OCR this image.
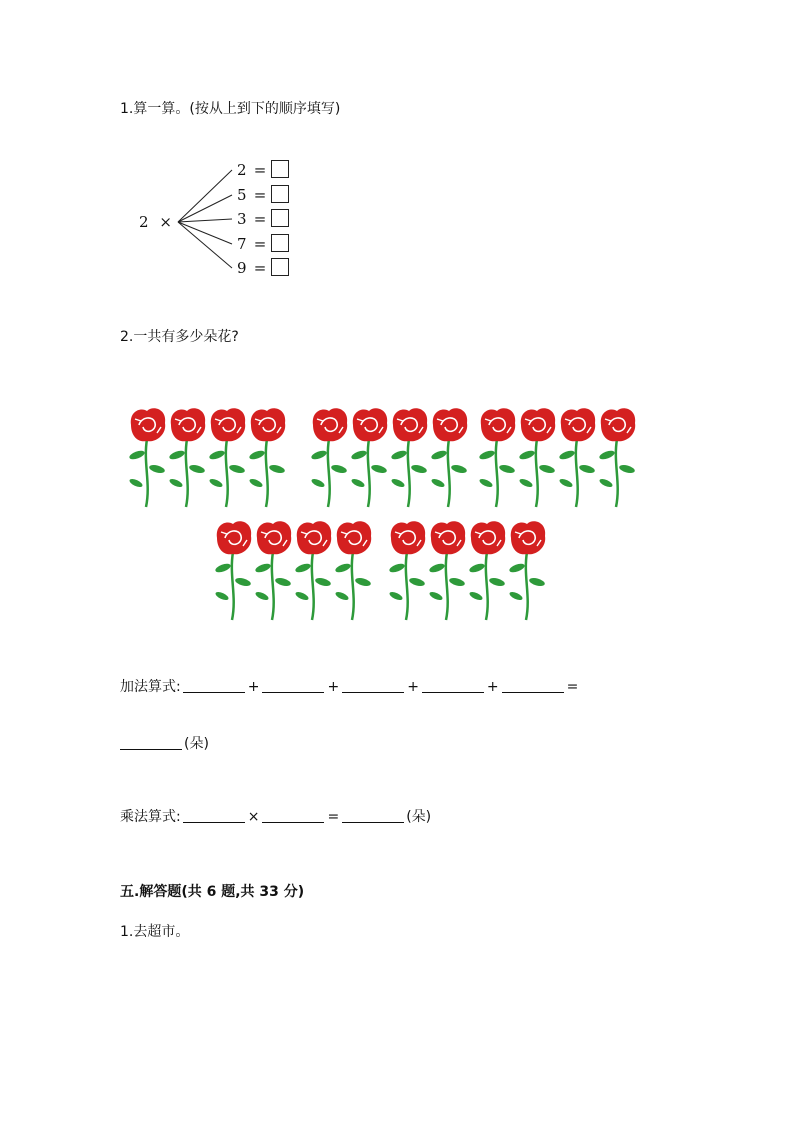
1.算一算。(按从上到下的顺序填写)
2 ×
2 =
5 =
3 =
7 =
9 =
2.一共有多少朵花?
加法算式:	+	+	+	+	=
(朵)
乘法算式:	×	=	(朵)
五.解答题(共 6 题,共 33 分)
1.去超市。
